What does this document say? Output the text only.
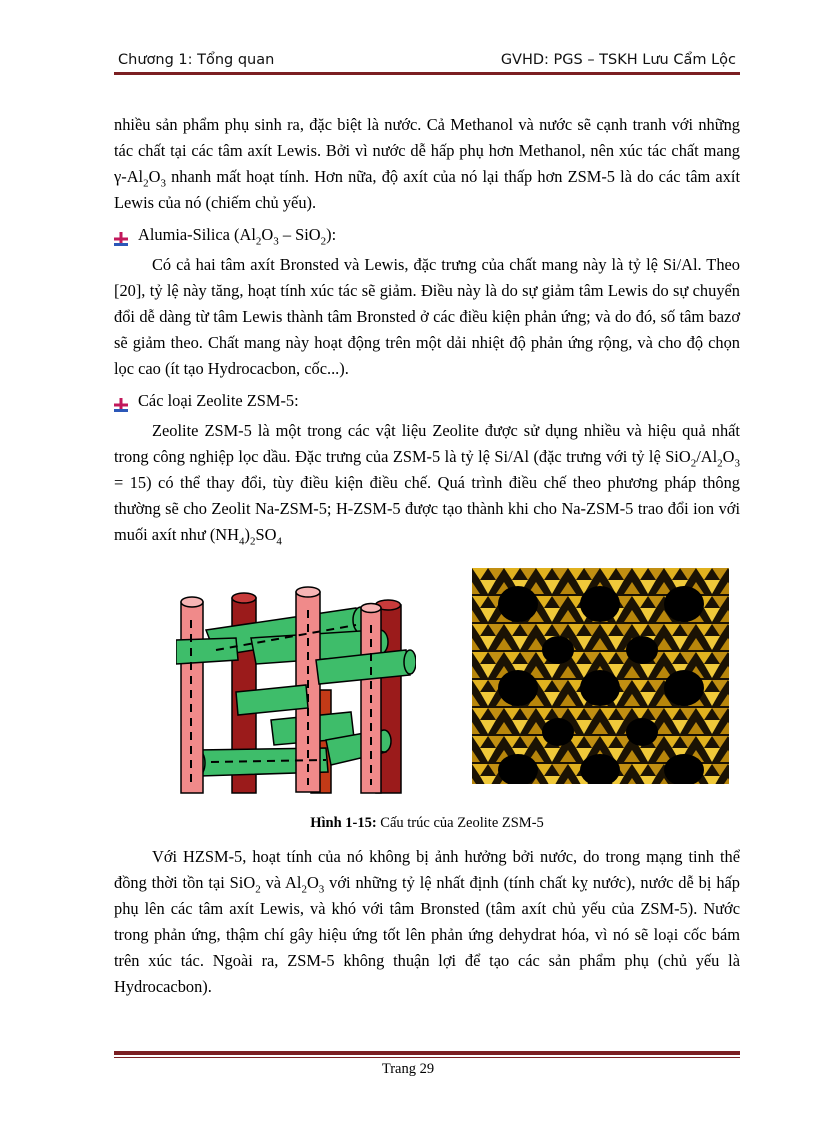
Chương 1: Tổng quan	GVHD: PGS – TSKH Lưu Cẩm Lộc

nhiều sản phẩm phụ sinh ra, đặc biệt là nước. Cả Methanol và nước sẽ cạnh tranh với những tác chất tại các tâm axít Lewis. Bởi vì nước dễ hấp phụ hơn Methanol, nên xúc tác chất mang $\gamma-Al_2O_3$ nhanh mất hoạt tính. Hơn nữa, độ axít của nó lại thấp hơn ZSM-5 là do các tâm axít Lewis của nó (chiếm chủ yếu).

Alumia-Silica $(Al_2O_3 - SiO_2)$:

Có cả hai tâm axít Bronsted và Lewis, đặc trưng của chất mang này là tỷ lệ Si/Al. Theo [20], tỷ lệ này tăng, hoạt tính xúc tác sẽ giảm. Điều này là do sự giảm tâm Lewis do sự chuyển đổi dễ dàng từ tâm Lewis thành tâm Bronsted ở các điều kiện phản ứng; và do đó, số tâm bazơ sẽ giảm theo. Chất mang này hoạt động trên một dải nhiệt độ phản ứng rộng, và cho độ chọn lọc cao (ít tạo Hydrocacbon, cốc...).

Các loại Zeolite ZSM-5:

Zeolite ZSM-5 là một trong các vật liệu Zeolite được sử dụng nhiều và hiệu quả nhất trong công nghiệp lọc dầu. Đặc trưng của ZSM-5 là tỷ lệ Si/Al (đặc trưng với tỷ lệ $SiO_2/Al_2O_3 = 15$) có thể thay đổi, tùy điều kiện điều chế. Quá trình điều chế theo phương pháp thông thường sẽ cho Zeolit Na-ZSM-5; H-ZSM-5 được tạo thành khi cho Na-ZSM-5 trao đổi ion với muối axít như $(NH_4)_2SO_4$

Hình 1-15: Cấu trúc của Zeolite ZSM-5

Với HZSM-5, hoạt tính của nó không bị ảnh hưởng bởi nước, do trong mạng tinh thể đồng thời tồn tại SiO$_2$ và $Al_2O_3$ với những tỷ lệ nhất định (tính chất kỵ nước), nước dễ bị hấp phụ lên các tâm axít Lewis, và khó với tâm Bronsted (tâm axít chủ yếu của ZSM-5). Nước trong phản ứng, thậm chí gây hiệu ứng tốt lên phản ứng dehydrat hóa, vì nó sẽ loại cốc bám trên xúc tác. Ngoài ra, ZSM-5 không thuận lợi để tạo các sản phẩm phụ (chủ yếu là Hydrocacbon).

Trang 29
